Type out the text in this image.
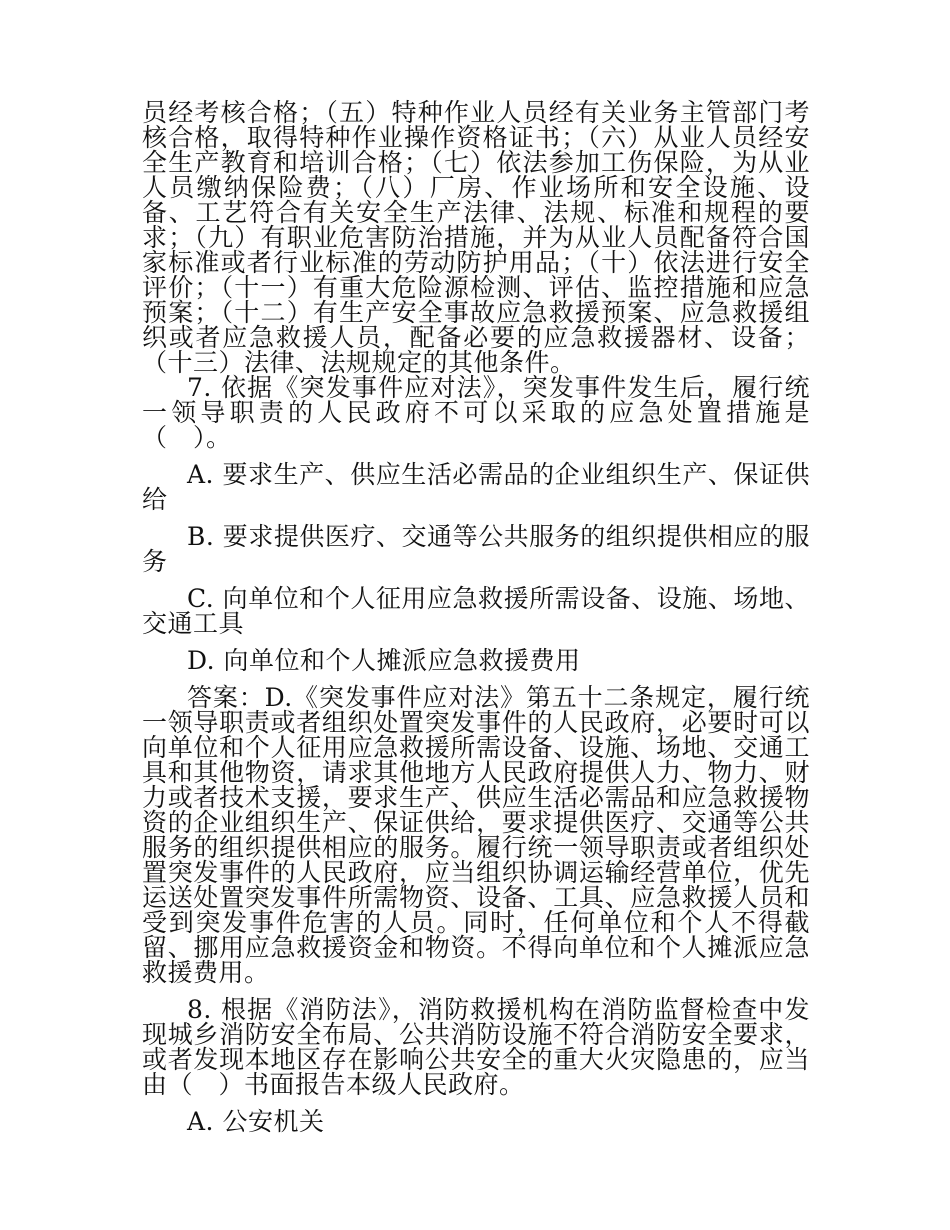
员经考核合格；（五）特种作业人员经有关业务主管部门考核合格，取得特种作业操作资格证书；（六）从业人员经安全生产教育和培训合格；（七）依法参加工伤保险，为从业人员缴纳保险费；（八）厂房、作业场所和安全设施、设备、工艺符合有关安全生产法律、法规、标准和规程的要求；（九）有职业危害防治措施，并为从业人员配备符合国家标准或者行业标准的劳动防护用品；（十）依法进行安全评价；（十一）有重大危险源检测、评估、监控措施和应急预案；（十二）有生产安全事故应急救援预案、应急救援组织或者应急救援人员，配备必要的应急救援器材、设备；（十三）法律、法规规定的其他条件。

7. 依据《突发事件应对法》，突发事件发生后，履行统一领导职责的人民政府不可以采取的应急处置措施是（　）。

A. 要求生产、供应生活必需品的企业组织生产、保证供给

B. 要求提供医疗、交通等公共服务的组织提供相应的服务

C. 向单位和个人征用应急救援所需设备、设施、场地、交通工具

D. 向单位和个人摊派应急救援费用

答案：D.《突发事件应对法》第五十二条规定，履行统一领导职责或者组织处置突发事件的人民政府，必要时可以向单位和个人征用应急救援所需设备、设施、场地、交通工具和其他物资，请求其他地方人民政府提供人力、物力、财力或者技术支援，要求生产、供应生活必需品和应急救援物资的企业组织生产、保证供给，要求提供医疗、交通等公共服务的组织提供相应的服务。履行统一领导职责或者组织处置突发事件的人民政府，应当组织协调运输经营单位，优先运送处置突发事件所需物资、设备、工具、应急救援人员和受到突发事件危害的人员。同时，任何单位和个人不得截留、挪用应急救援资金和物资。不得向单位和个人摊派应急救援费用。

8. 根据《消防法》，消防救援机构在消防监督检查中发现城乡消防安全布局、公共消防设施不符合消防安全要求，或者发现本地区存在影响公共安全的重大火灾隐患的，应当由（　）书面报告本级人民政府。

A. 公安机关
